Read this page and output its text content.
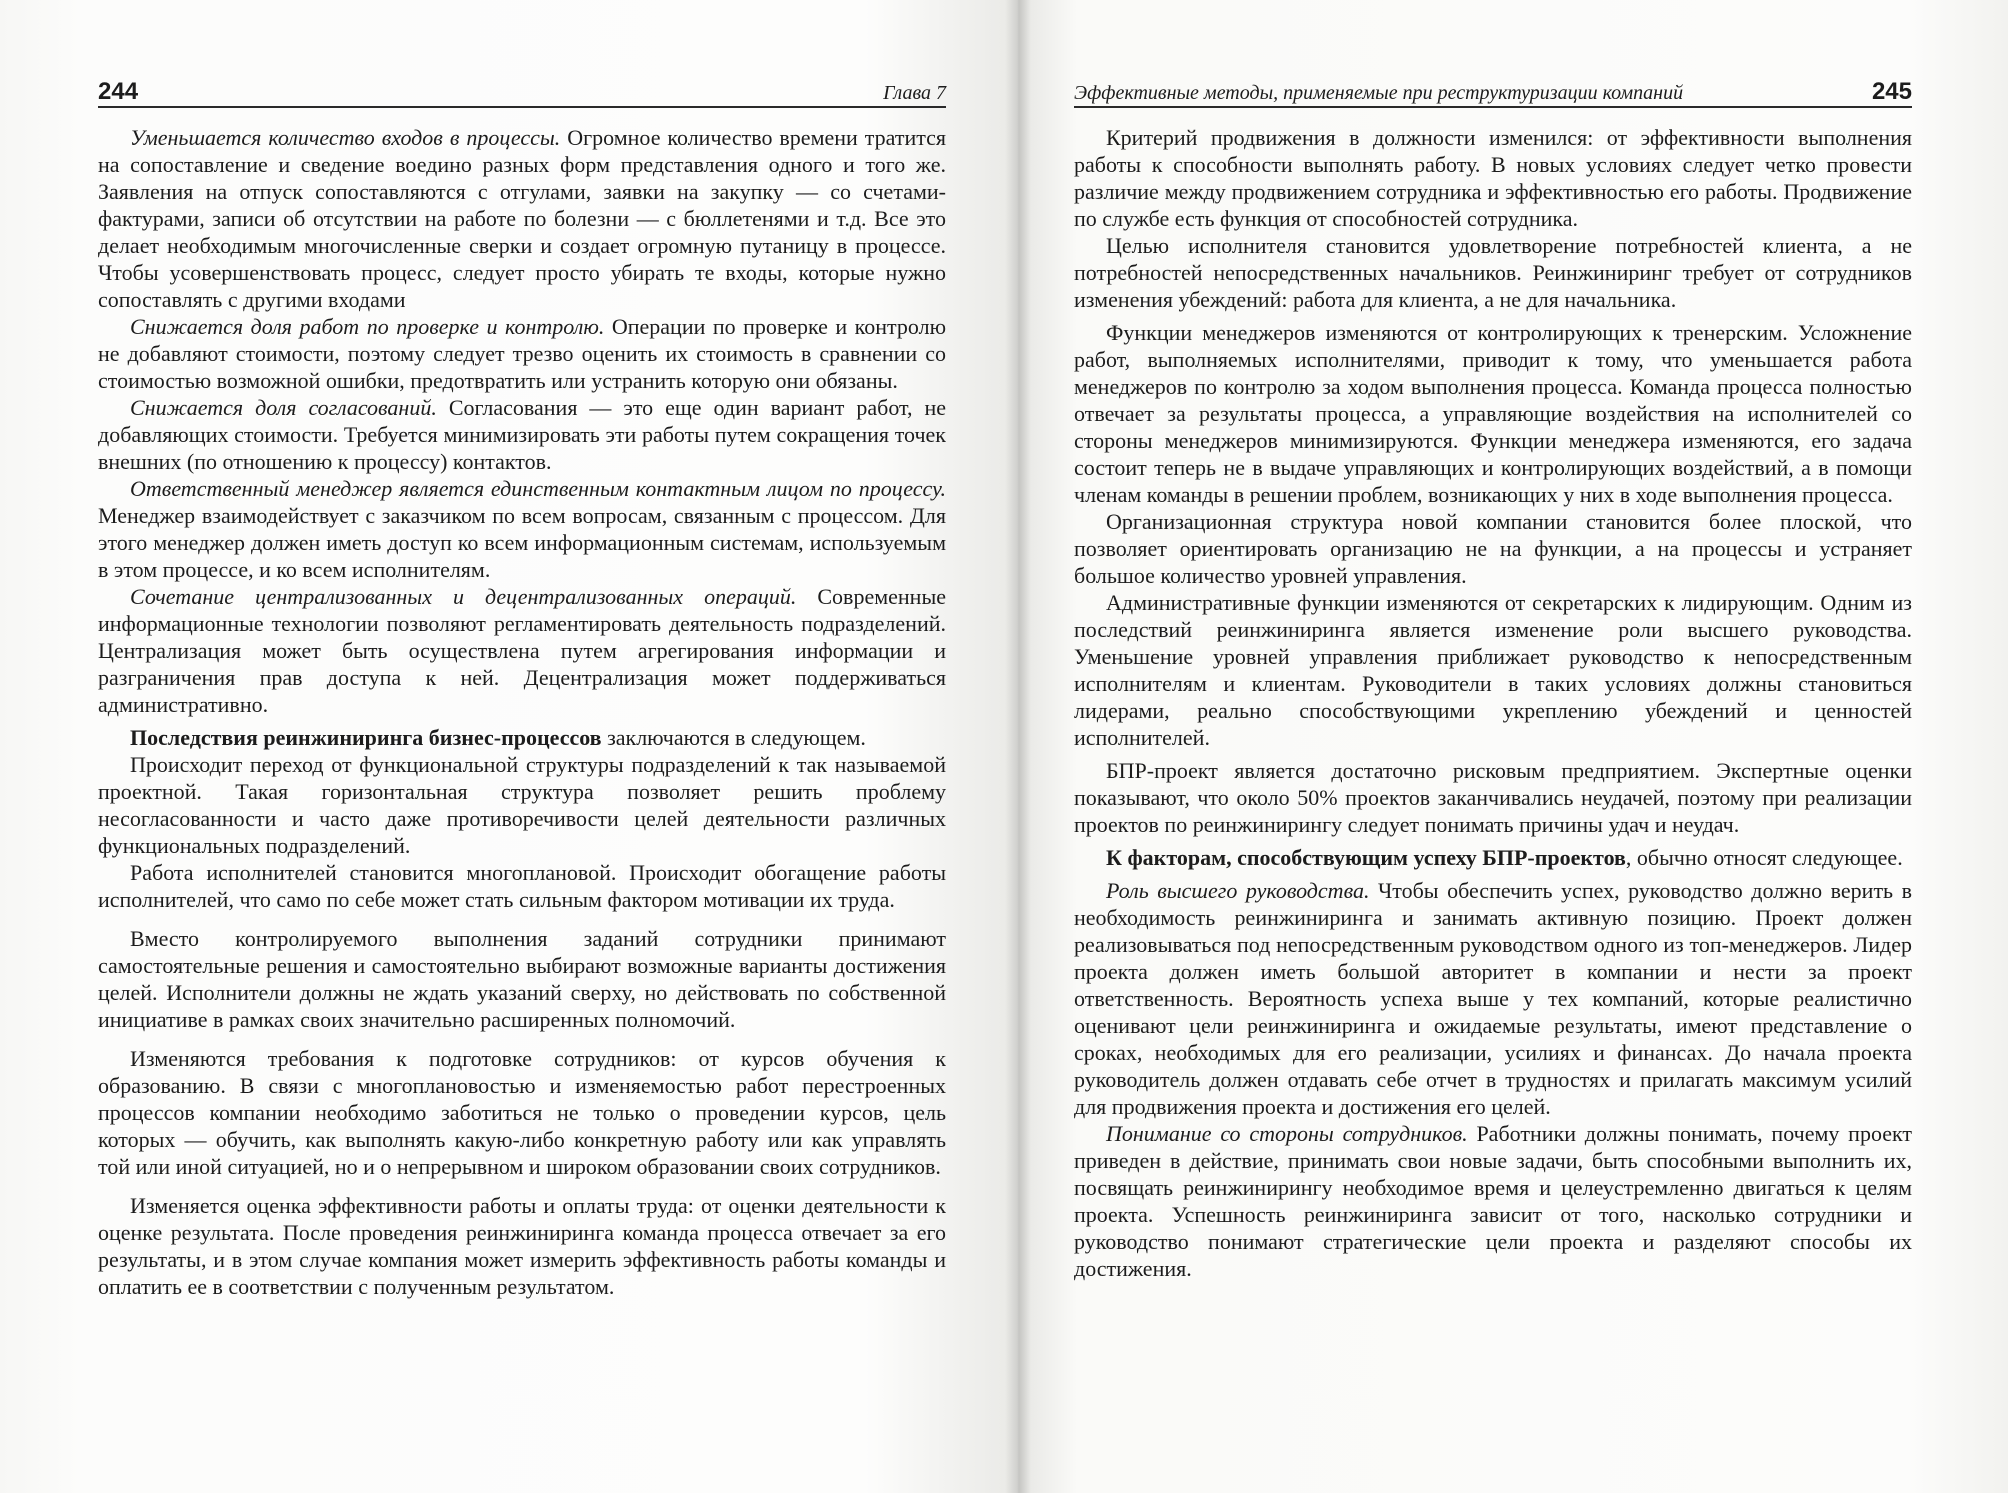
244	Глава 7

Уменьшается количество входов в процессы. Огромное количество времени тратится на сопоставление и сведение воедино разных форм представления одного и того же. Заявления на отпуск сопоставляются с отгулами, заявки на закупку — со счетами-фактурами, записи об отсутствии на работе по болезни — с бюллетенями и т.д. Все это делает необходимым многочисленные сверки и создает огромную путаницу в процессе. Чтобы усовершенствовать процесс, следует просто убирать те входы, которые нужно сопоставлять с другими входами

Снижается доля работ по проверке и контролю. Операции по проверке и контролю не добавляют стоимости, поэтому следует трезво оценить их стоимость в сравнении со стоимостью возможной ошибки, предотвратить или устранить которую они обязаны.

Снижается доля согласований. Согласования — это еще один вариант работ, не добавляющих стоимости. Требуется минимизировать эти работы путем сокращения точек внешних (по отношению к процессу) контактов.

Ответственный менеджер является единственным контактным лицом по процессу. Менеджер взаимодействует с заказчиком по всем вопросам, связанным с процессом. Для этого менеджер должен иметь доступ ко всем информационным системам, используемым в этом процессе, и ко всем исполнителям.

Сочетание централизованных и децентрализованных операций. Современные информационные технологии позволяют регламентировать деятельность подразделений. Централизация может быть осуществлена путем агрегирования информации и разграничения прав доступа к ней. Децентрализация может поддерживаться административно.

Последствия реинжиниринга бизнес-процессов заключаются в следующем.

Происходит переход от функциональной структуры подразделений к так называемой проектной. Такая горизонтальная структура позволяет решить проблему несогласованности и часто даже противоречивости целей деятельности различных функциональных подразделений.

Работа исполнителей становится многоплановой. Происходит обогащение работы исполнителей, что само по себе может стать сильным фактором мотивации их труда.

Вместо контролируемого выполнения заданий сотрудники принимают самостоятельные решения и самостоятельно выбирают возможные варианты достижения целей. Исполнители должны не ждать указаний сверху, но действовать по собственной инициативе в рамках своих значительно расширенных полномочий.

Изменяются требования к подготовке сотрудников: от курсов обучения к образованию. В связи с многоплановостью и изменяемостью работ перестроенных процессов компании необходимо заботиться не только о проведении курсов, цель которых — обучить, как выполнять какую-либо конкретную работу или как управлять той или иной ситуацией, но и о непрерывном и широком образовании своих сотрудников.

Изменяется оценка эффективности работы и оплаты труда: от оценки деятельности к оценке результата. После проведения реинжиниринга команда процесса отвечает за его результаты, и в этом случае компания может измерить эффективность работы команды и оплатить ее в соответствии с полученным результатом.

Эффективные методы, применяемые при реструктуризации компаний	245

Критерий продвижения в должности изменился: от эффективности выполнения работы к способности выполнять работу. В новых условиях следует четко провести различие между продвижением сотрудника и эффективностью его работы. Продвижение по службе есть функция от способностей сотрудника.

Целью исполнителя становится удовлетворение потребностей клиента, а не потребностей непосредственных начальников. Реинжиниринг требует от сотрудников изменения убеждений: работа для клиента, а не для начальника.

Функции менеджеров изменяются от контролирующих к тренерским. Усложнение работ, выполняемых исполнителями, приводит к тому, что уменьшается работа менеджеров по контролю за ходом выполнения процесса. Команда процесса полностью отвечает за результаты процесса, а управляющие воздействия на исполнителей со стороны менеджеров минимизируются. Функции менеджера изменяются, его задача состоит теперь не в выдаче управляющих и контролирующих воздействий, а в помощи членам команды в решении проблем, возникающих у них в ходе выполнения процесса.

Организационная структура новой компании становится более плоской, что позволяет ориентировать организацию не на функции, а на процессы и устраняет большое количество уровней управления.

Административные функции изменяются от секретарских к лидирующим. Одним из последствий реинжиниринга является изменение роли высшего руководства. Уменьшение уровней управления приближает руководство к непосредственным исполнителям и клиентам. Руководители в таких условиях должны становиться лидерами, реально способствующими укреплению убеждений и ценностей исполнителей.

БПР-проект является достаточно рисковым предприятием. Экспертные оценки показывают, что около 50% проектов заканчивались неудачей, поэтому при реализации проектов по реинжинирингу следует понимать причины удач и неудач.

К факторам, способствующим успеху БПР-проектов, обычно относят следующее.

Роль высшего руководства. Чтобы обеспечить успех, руководство должно верить в необходимость реинжиниринга и занимать активную позицию. Проект должен реализовываться под непосредственным руководством одного из топ-менеджеров. Лидер проекта должен иметь большой авторитет в компании и нести за проект ответственность. Вероятность успеха выше у тех компаний, которые реалистично оценивают цели реинжиниринга и ожидаемые результаты, имеют представление о сроках, необходимых для его реализации, усилиях и финансах. До начала проекта руководитель должен отдавать себе отчет в трудностях и прилагать максимум усилий для продвижения проекта и достижения его целей.

Понимание со стороны сотрудников. Работники должны понимать, почему проект приведен в действие, принимать свои новые задачи, быть способными выполнить их, посвящать реинжинирингу необходимое время и целеустремленно двигаться к целям проекта. Успешность реинжиниринга зависит от того, насколько сотрудники и руководство понимают стратегические цели проекта и разделяют способы их достижения.
